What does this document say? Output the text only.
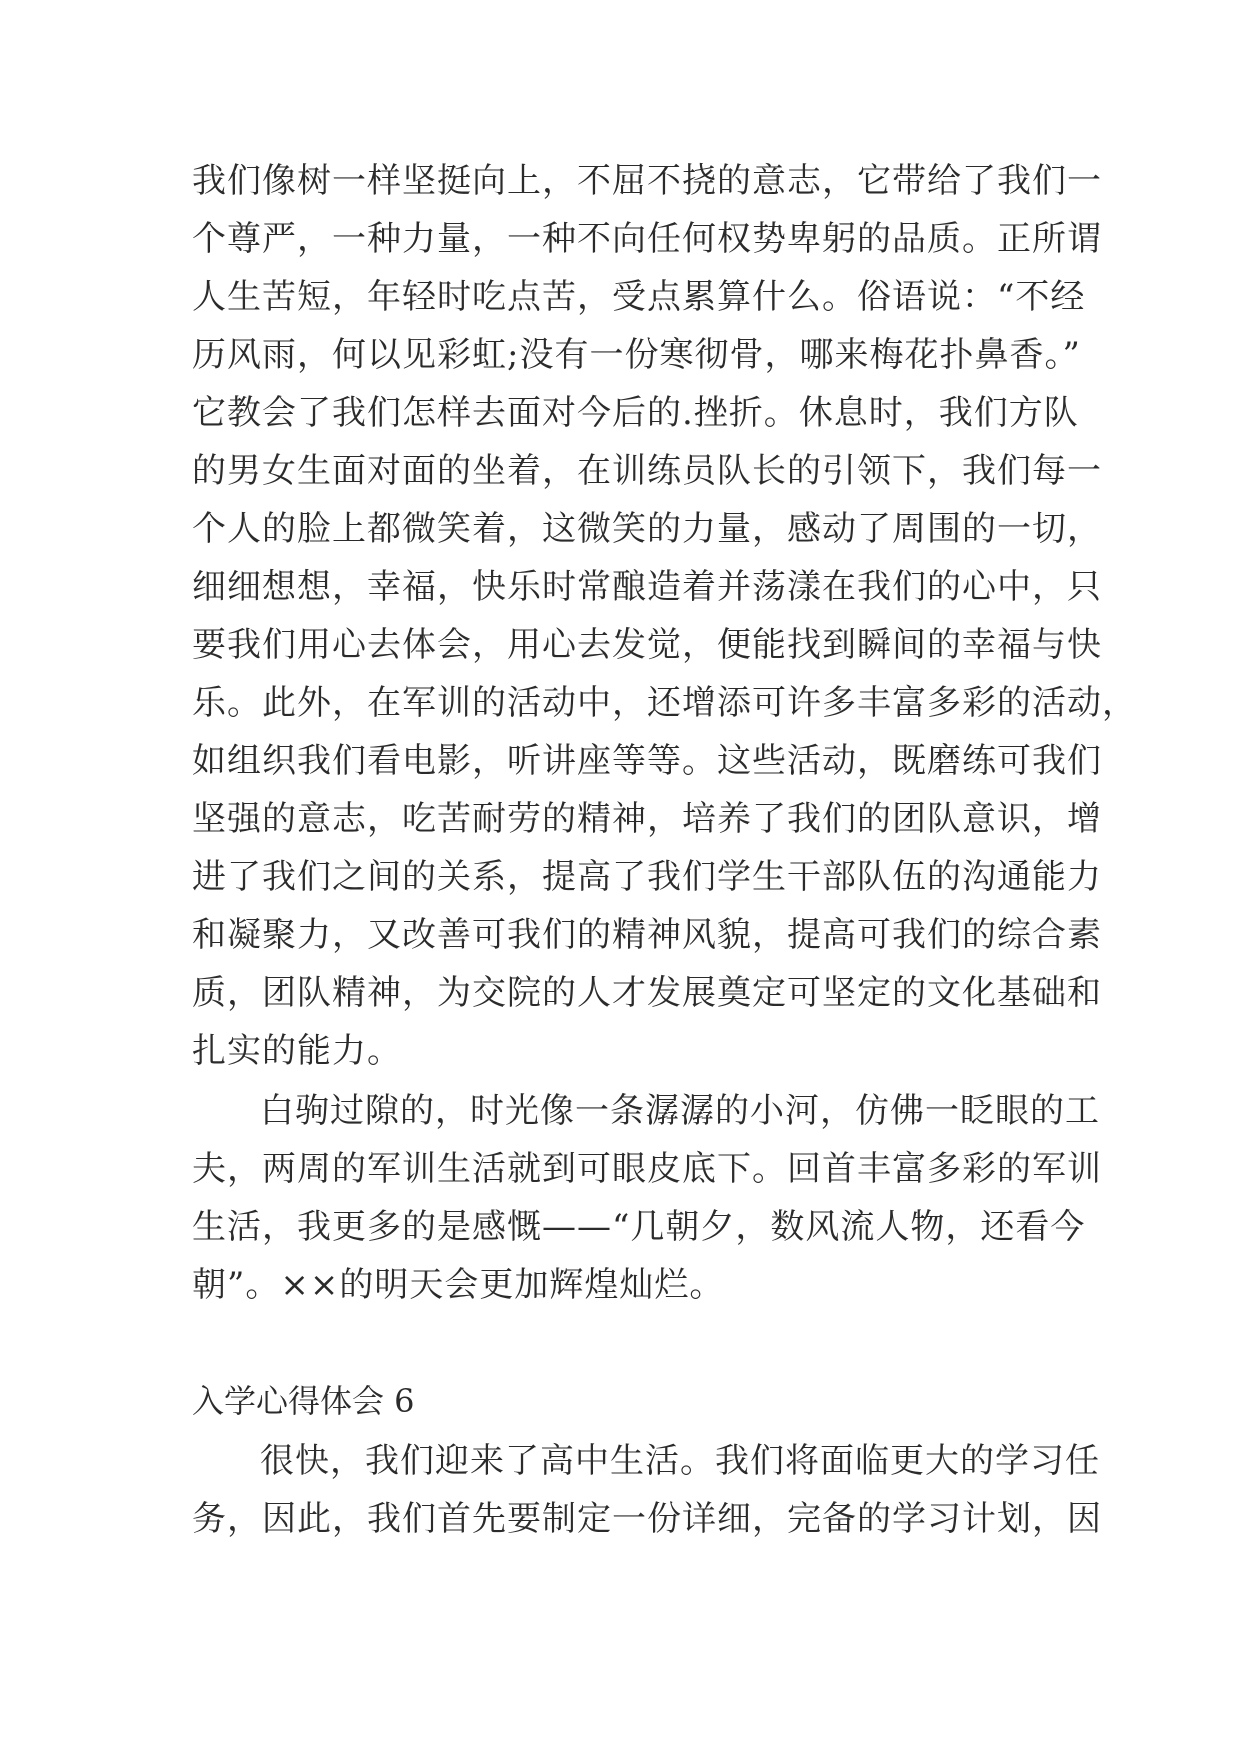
我们像树一样坚挺向上，不屈不挠的意志，它带给了我们一
个尊严，一种力量，一种不向任何权势卑躬的品质。正所谓
人生苦短，年轻时吃点苦，受点累算什么。俗语说：“不经
历风雨，何以见彩虹;没有一份寒彻骨，哪来梅花扑鼻香。”
它教会了我们怎样去面对今后的.挫折。休息时，我们方队
的男女生面对面的坐着，在训练员队长的引领下，我们每一
个人的脸上都微笑着，这微笑的力量，感动了周围的一切，
细细想想，幸福，快乐时常酿造着并荡漾在我们的心中，只
要我们用心去体会，用心去发觉，便能找到瞬间的幸福与快
乐。此外，在军训的活动中，还增添可许多丰富多彩的活动，
如组织我们看电影，听讲座等等。这些活动，既磨练可我们
坚强的意志，吃苦耐劳的精神，培养了我们的团队意识，增
进了我们之间的关系，提高了我们学生干部队伍的沟通能力
和凝聚力，又改善可我们的精神风貌，提高可我们的综合素
质，团队精神，为交院的人才发展奠定可坚定的文化基础和
扎实的能力。
白驹过隙的，时光像一条潺潺的小河，仿佛一眨眼的工
夫，两周的军训生活就到可眼皮底下。回首丰富多彩的军训
生活，我更多的是感慨——“几朝夕，数风流人物，还看今
朝”。××的明天会更加辉煌灿烂。
入学心得体会 6
很快，我们迎来了高中生活。我们将面临更大的学习任
务，因此，我们首先要制定一份详细，完备的学习计划，因
